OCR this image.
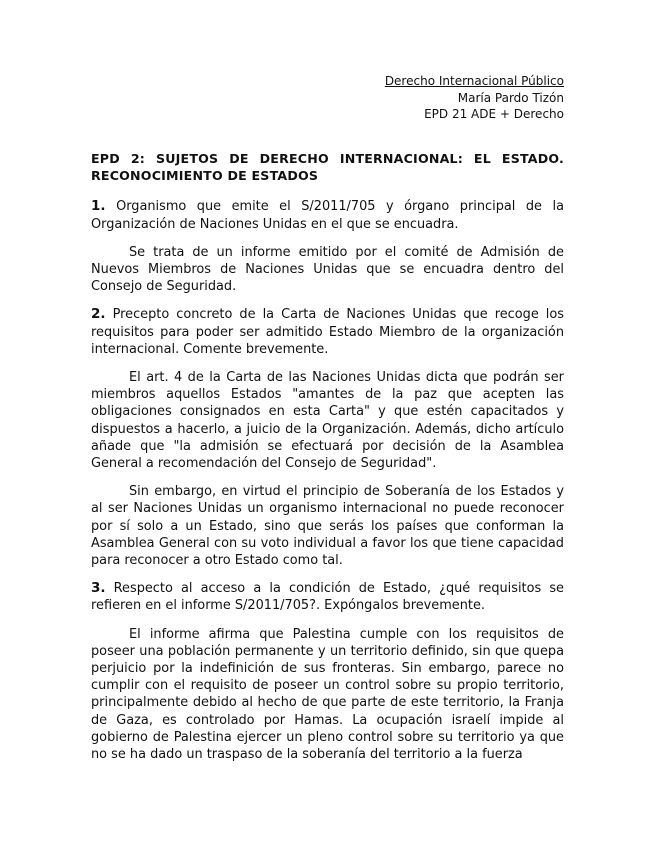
Derecho Internacional Público
María Pardo Tizón
EPD 21 ADE + Derecho

EPD 2: SUJETOS DE DERECHO INTERNACIONAL: EL ESTADO. RECONOCIMIENTO DE ESTADOS

1. Organismo que emite el S/2011/705 y órgano principal de la Organización de Naciones Unidas en el que se encuadra.

Se trata de un informe emitido por el comité de Admisión de Nuevos Miembros de Naciones Unidas que se encuadra dentro del Consejo de Seguridad.

2. Precepto concreto de la Carta de Naciones Unidas que recoge los requisitos para poder ser admitido Estado Miembro de la organización internacional. Comente brevemente.

El art. 4 de la Carta de las Naciones Unidas dicta que podrán ser miembros aquellos Estados "amantes de la paz que acepten las obligaciones consignados en esta Carta" y que estén capacitados y dispuestos a hacerlo, a juicio de la Organización. Además, dicho artículo añade que "la admisión se efectuará por decisión de la Asamblea General a recomendación del Consejo de Seguridad".

Sin embargo, en virtud el principio de Soberanía de los Estados y al ser Naciones Unidas un organismo internacional no puede reconocer por sí solo a un Estado, sino que serás los países que conforman la Asamblea General con su voto individual a favor los que tiene capacidad para reconocer a otro Estado como tal.

3. Respecto al acceso a la condición de Estado, ¿qué requisitos se refieren en el informe S/2011/705?. Expóngalos brevemente.

El informe afirma que Palestina cumple con los requisitos de poseer una población permanente y un territorio definido, sin que quepa perjuicio por la indefinición de sus fronteras. Sin embargo, parece no cumplir con el requisito de poseer un control sobre su propio territorio, principalmente debido al hecho de que parte de este territorio, la Franja de Gaza, es controlado por Hamas. La ocupación israelí impide al gobierno de Palestina ejercer un pleno control sobre su territorio ya que no se ha dado un traspaso de la soberanía del territorio a la fuerza
